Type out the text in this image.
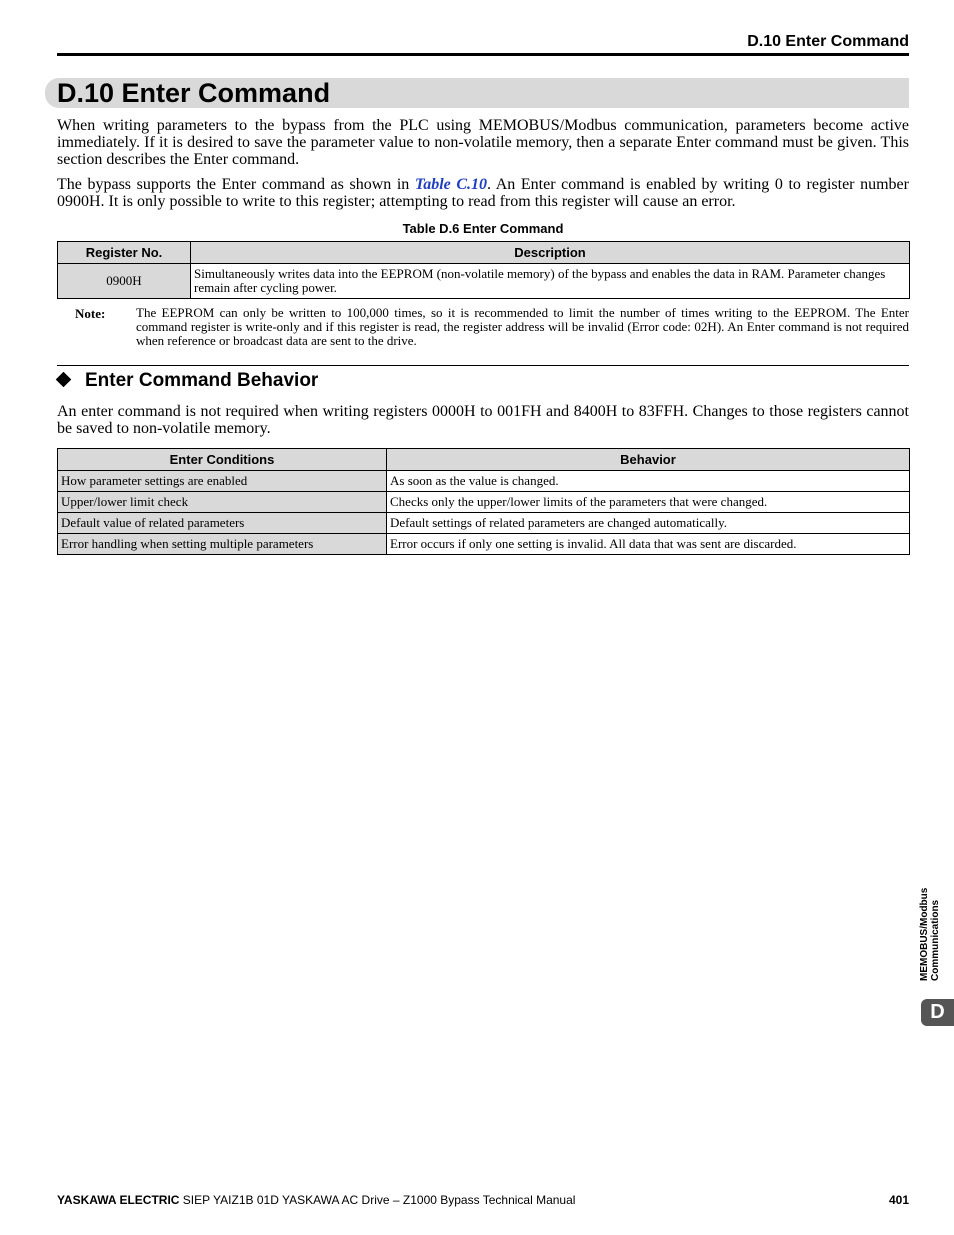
D.10 Enter Command
D.10 Enter Command
When writing parameters to the bypass from the PLC using MEMOBUS/Modbus communication, parameters become active immediately. If it is desired to save the parameter value to non-volatile memory, then a separate Enter command must be given. This section describes the Enter command.
The bypass supports the Enter command as shown in Table C.10. An Enter command is enabled by writing 0 to register number 0900H. It is only possible to write to this register; attempting to read from this register will cause an error.
Table D.6 Enter Command
Register No.	Description
0900H	Simultaneously writes data into the EEPROM (non-volatile memory) of the bypass and enables the data in RAM. Parameter changes remain after cycling power.
Note: The EEPROM can only be written to 100,000 times, so it is recommended to limit the number of times writing to the EEPROM. The Enter command register is write-only and if this register is read, the register address will be invalid (Error code: 02H). An Enter command is not required when reference or broadcast data are sent to the drive.
Enter Command Behavior
An enter command is not required when writing registers 0000H to 001FH and 8400H to 83FFH. Changes to those registers cannot be saved to non-volatile memory.
Enter Conditions	Behavior
How parameter settings are enabled	As soon as the value is changed.
Upper/lower limit check	Checks only the upper/lower limits of the parameters that were changed.
Default value of related parameters	Default settings of related parameters are changed automatically.
Error handling when setting multiple parameters	Error occurs if only one setting is invalid. All data that was sent are discarded.
MEMOBUS/Modbus Communications
D
YASKAWA ELECTRIC SIEP YAIZ1B 01D YASKAWA AC Drive – Z1000 Bypass Technical Manual	401
